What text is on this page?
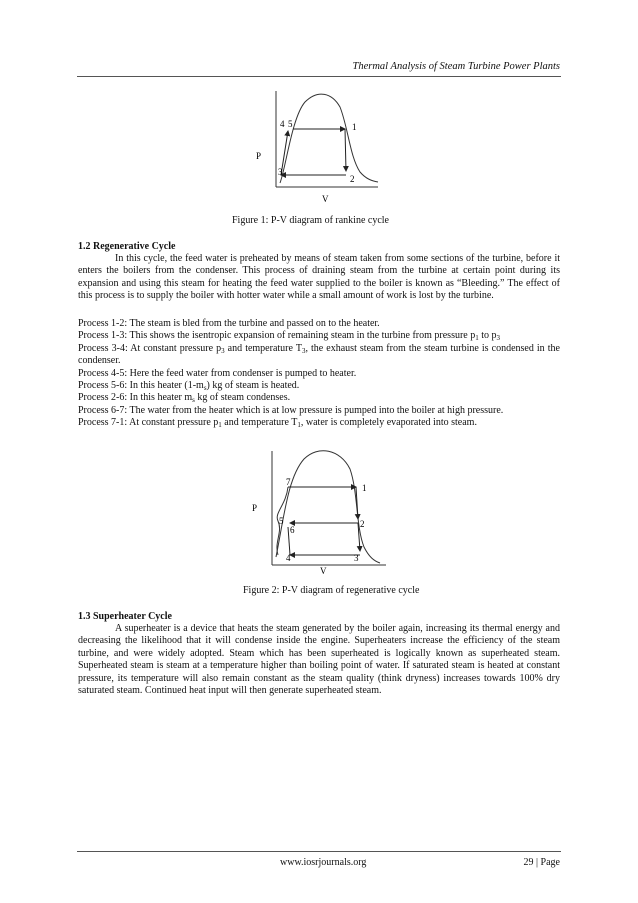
Thermal Analysis of Steam Turbine Power Plants
P
V
4 5	1
3
2
Figure 1: P-V diagram of rankine cycle
1.2 Regenerative Cycle

In this cycle, the feed water is preheated by means of steam taken from some sections of the turbine, before it enters the boilers from the condenser. This process of draining steam from the turbine at certain point during its expansion and using this steam for heating the feed water supplied to the boiler is known as “Bleeding.” The effect of this process is to supply the boiler with hotter water while a small amount of work is lost by the turbine.

Process 1-2: The steam is bled from the turbine and passed on to the heater.

Process 1-3: This shows the isentropic expansion of remaining steam in the turbine from pressure $p_1$ to $p_3$

Process 3-4: At constant pressure $p_3$ and temperature $T_3$, the exhaust steam from the steam turbine is condensed in the condenser.

Process 4-5: Here the feed water from condenser is pumped to heater.

Process 5-6: In this heater $(1-m_s)$ kg of steam is heated.

Process 2-6: In this heater $m_s$ kg of steam condenses.

Process 6-7: The water from the heater which is at low pressure is pumped into the boiler at high pressure.

Process 7-1: At constant pressure $p_1$ and temperature $T_1$, water is completely evaporated into steam.

P
V
7
1
5
6
2
4	3
Figure 2: P-V diagram of regenerative cycle
1.3 Superheater Cycle

A superheater is a device that heats the steam generated by the boiler again, increasing its thermal energy and decreasing the likelihood that it will condense inside the engine. Superheaters increase the efficiency of the steam turbine, and were widely adopted. Steam which has been superheated is logically known as superheated steam. Superheated steam is steam at a temperature higher than boiling point of water. If saturated steam is heated at constant pressure, its temperature will also remain constant as the steam quality (think dryness) increases towards 100% dry saturated steam. Continued heat input will then generate superheated steam.

www.iosrjournals.org	29 | Page
